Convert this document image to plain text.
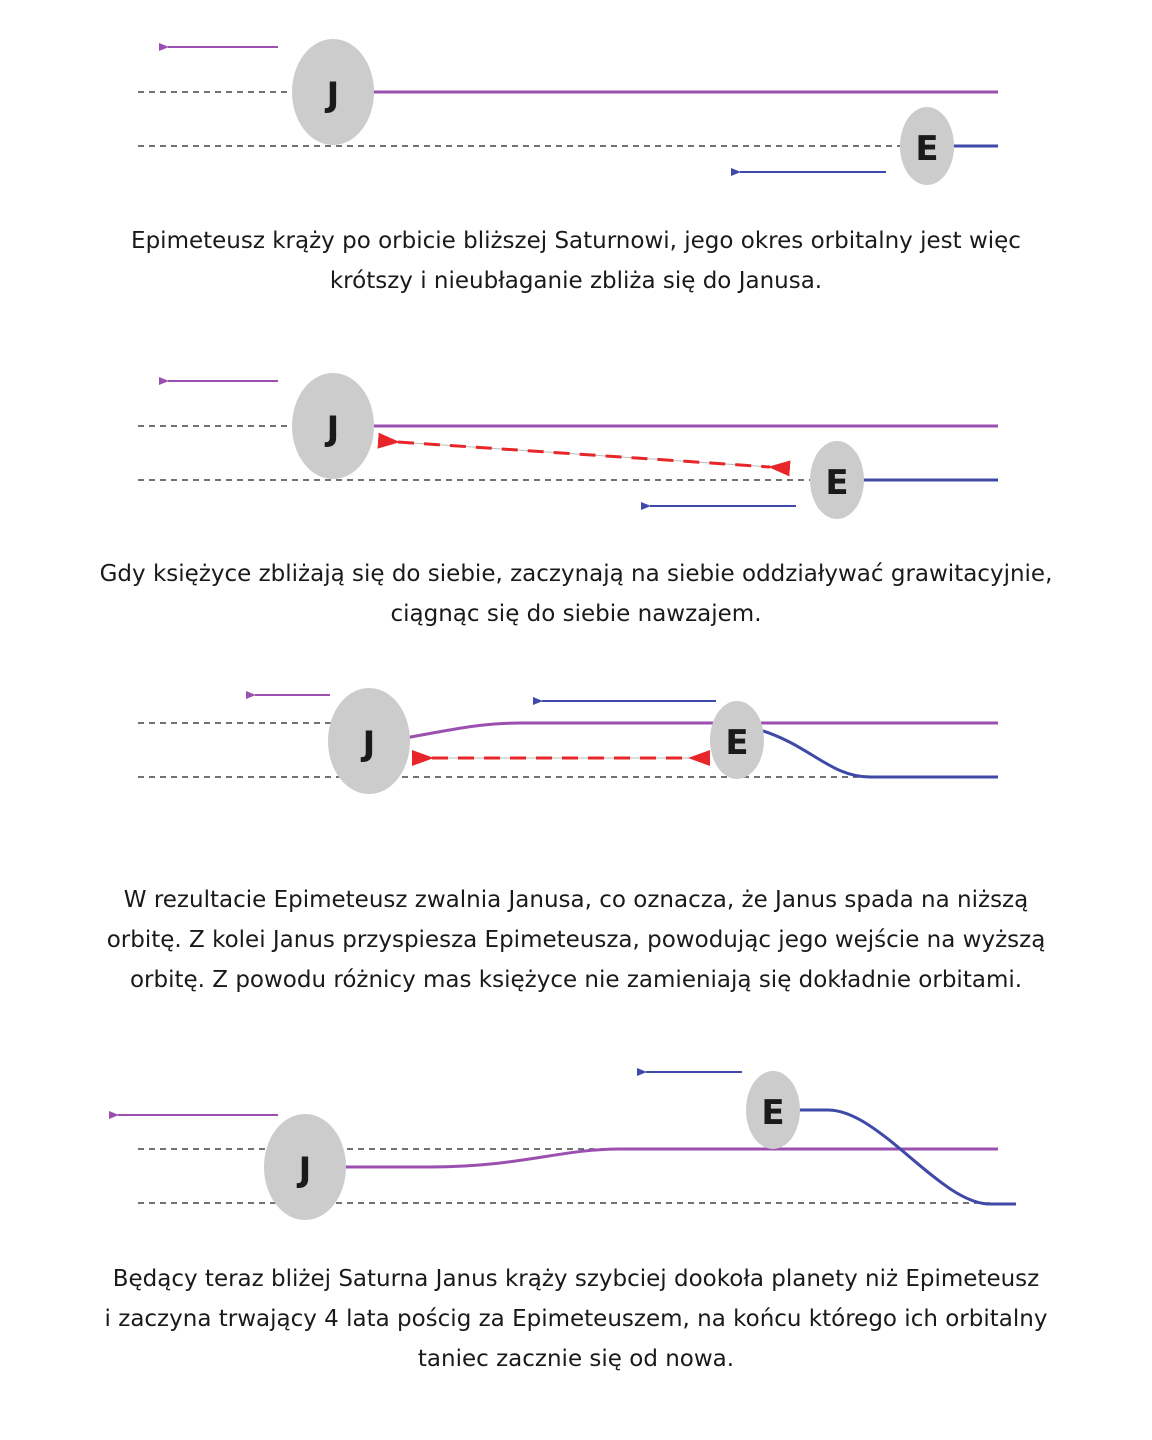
J
E
J
E
J	E
J
E
Epimeteusz krąży po orbicie bliższej Saturnowi, jego okres orbitalny jest więc
krótszy i nieubłaganie zbliża się do Janusa.
Gdy księżyce zbliżają się do siebie, zaczynają na siebie oddziaływać grawitacyjnie,
ciągnąc się do siebie nawzajem.
W rezultacie Epimeteusz zwalnia Janusa, co oznacza, że Janus spada na niższą
orbitę. Z kolei Janus przyspiesza Epimeteusza, powodując jego wejście na wyższą
orbitę. Z powodu różnicy mas księżyce nie zamieniają się dokładnie orbitami.
Będący teraz bliżej Saturna Janus krąży szybciej dookoła planety niż Epimeteusz
i zaczyna trwający 4 lata pościg za Epimeteuszem, na końcu którego ich orbitalny
taniec zacznie się od nowa.
